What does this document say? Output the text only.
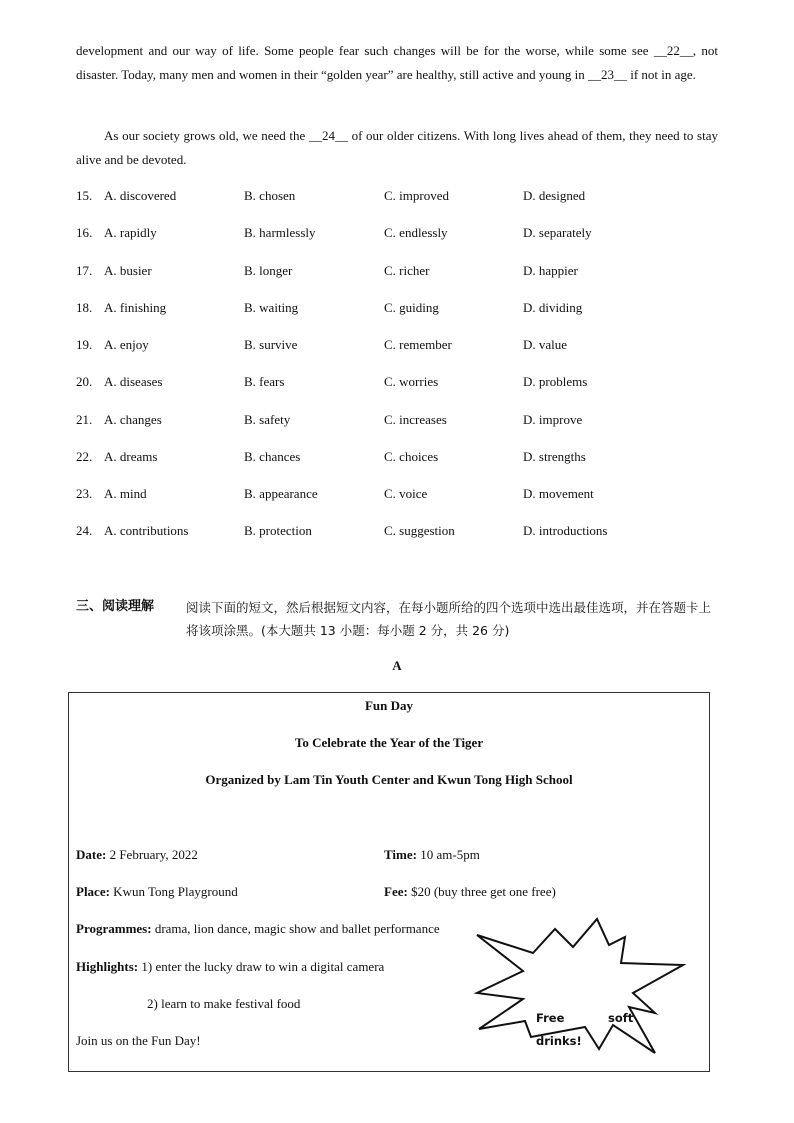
development and our way of life. Some people fear such changes will be for the worse, while some see __22__, not disaster. Today, many men and women in their “golden year” are healthy, still active and young in __23__ if not in age.
As our society grows old, we need the __24__ of our older citizens. With long lives ahead of them, they need to stay alive and be devoted.
15. A. discovered	B. chosen	C. improved	D. designed
16. A. rapidly	B. harmlessly	C. endlessly	D. separately
17. A. busier	B. longer	C. richer	D. happier
18. A. finishing	B. waiting	C. guiding	D. dividing
19. A. enjoy	B. survive	C. remember	D. value
20. A. diseases	B. fears	C. worries	D. problems
21. A. changes	B. safety	C. increases	D. improve
22. A. dreams	B. chances	C. choices	D. strengths
23. A. mind	B. appearance	C. voice	D. movement
24. A. contributions	B. protection	C. suggestion	D. introductions
三、阅读理解	阅读下面的短文，然后根据短文内容，在每小题所给的四个选项中选出最佳选项，并在答题卡上将该项涂黑。(本大题共 13 小题：每小题 2 分，共 26 分)
A
Fun Day
To Celebrate the Year of the Tiger
Organized by Lam Tin Youth Center and Kwun Tong High School
Date: 2 February, 2022	Time: 10 am-5pm
Place: Kwun Tong Playground	Fee: $20 (buy three get one free)
Programmes: drama, lion dance, magic show and ballet performance
Highlights: 1) enter the lucky draw to win a digital camera
2) learn to make festival food
Join us on the Fun Day!
Free	soft
drinks!
